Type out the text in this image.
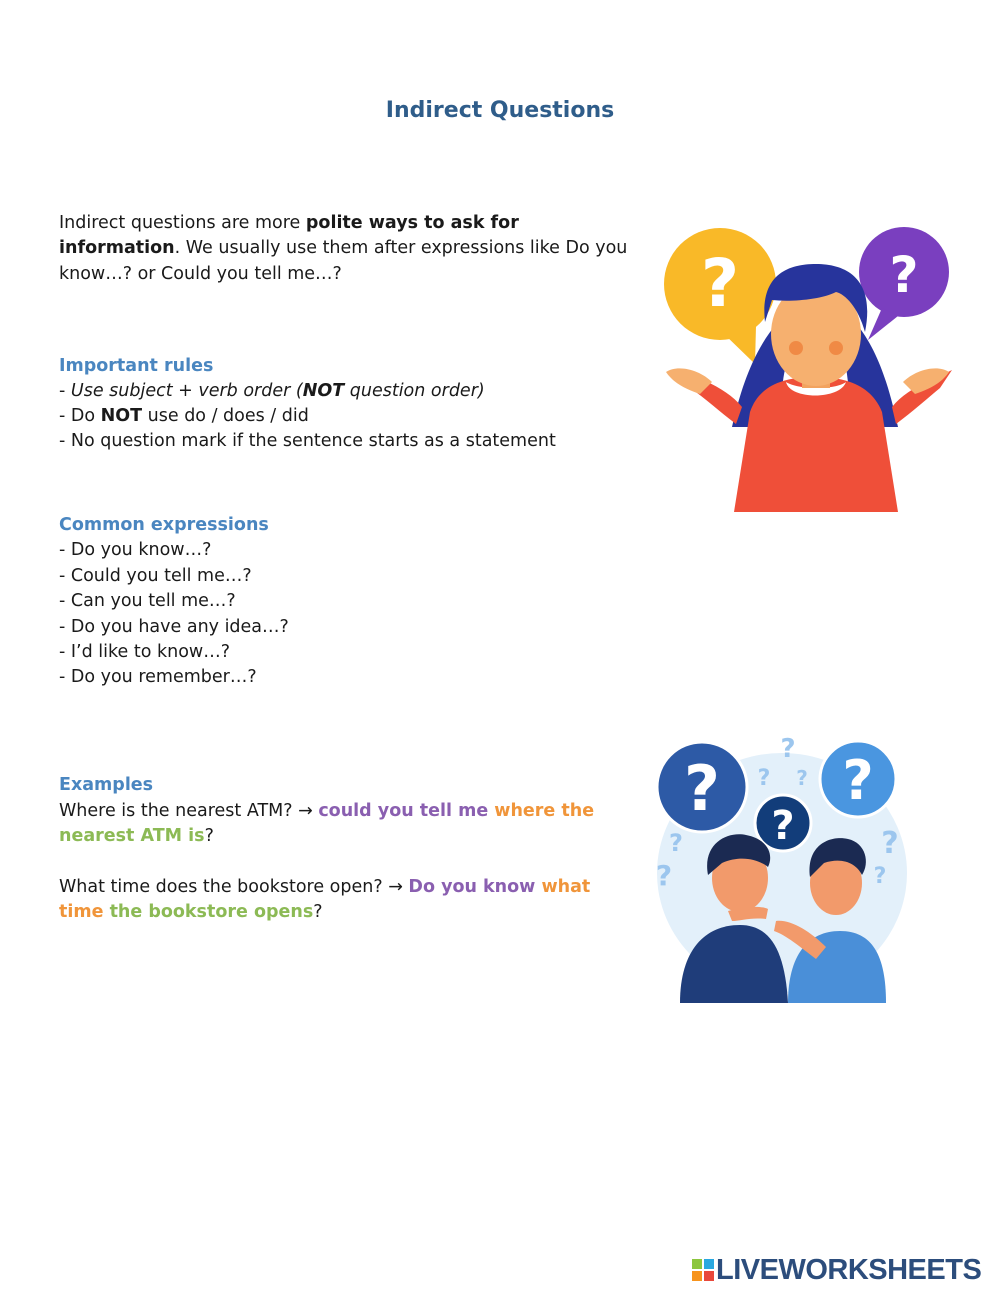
Indirect Questions
Indirect questions are more polite ways to ask for information. We usually use them after expressions like Do you know…? or Could you tell me…?
Important rules
- Use subject + verb order (NOT question order)
- Do NOT use do / does / did
- No question mark if the sentence starts as a statement
Common expressions
- Do you know…?
- Could you tell me…?
- Can you tell me…?
- Do you have any idea…?
- I’d like to know…?
- Do you remember…?
Examples
Where is the nearest ATM? → could you tell me where the nearest ATM is?
What time does the bookstore open? → Do you know what time the bookstore opens?
?	?
? ?
?
?
? ?
?
?
?
?
LIVEWORKSHEETS
